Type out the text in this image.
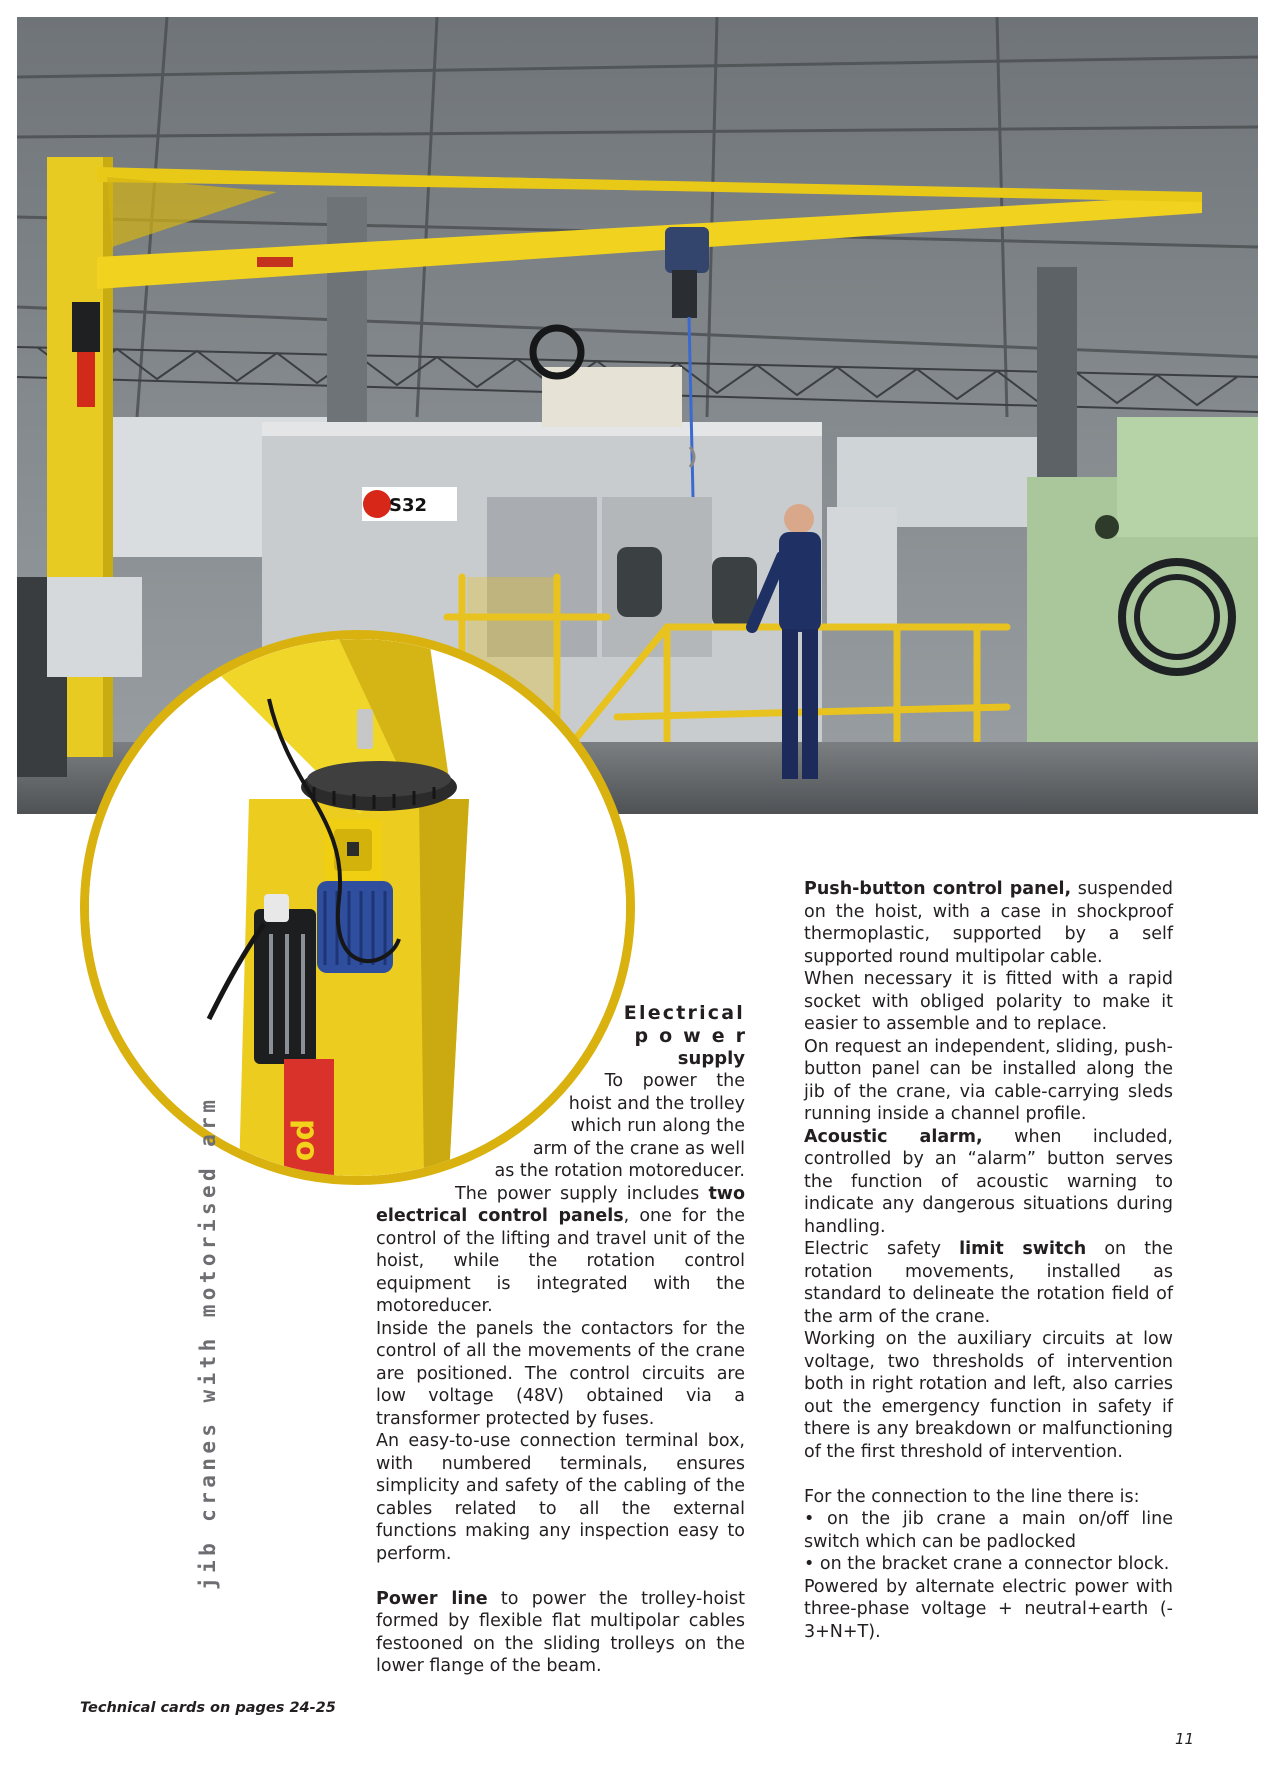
S32
po
jib cranes with motorised arm
Electrical
power
supply
To power the
hoist and the trolley
which run along the
arm of the crane as well
as the rotation motoreducer.

The power supply includes two electrical control panels, one for the control of the lifting and travel unit of the hoist, while the rotation control equipment is integrated with the motoreducer.

Inside the panels the contactors for the control of all the movements of the crane are positioned. The control circuits are low voltage (48V) obtained via a transformer protected by fuses.

An easy-to-use connection terminal box, with numbered terminals, ensures simplicity and safety of the cabling of the cables related to all the external functions making any inspection easy to perform.

Power line to power the trolley-hoist formed by flexible flat multipolar cables festooned on the sliding trolleys on the lower flange of the beam.

Push-button control panel, suspended on the hoist, with a case in shockproof thermoplastic, supported by a self supported round multipolar cable.

When necessary it is fitted with a rapid socket with obliged polarity to make it easier to assemble and to replace.

On request an independent, sliding, push-button panel can be installed along the jib of the crane, via cable-carrying sleds running inside a channel profile.

Acoustic alarm, when included, controlled by an “alarm” button serves the function of acoustic warning to indicate any dangerous situations during handling.

Electric safety limit switch on the rotation movements, installed as standard to delineate the rotation field of the arm of the crane.

Working on the auxiliary circuits at low voltage, two thresholds of intervention both in right rotation and left, also carries out the emergency function in safety if there is any breakdown or malfunctioning of the first threshold of intervention.

For the connection to the line there is:

• on the jib crane a main on/off line switch which can be padlocked

• on the bracket crane a connector block.

Powered by alternate electric power with three-phase voltage + neutral+earth (- 3+N+T).

Technical cards on pages 24-25
11
